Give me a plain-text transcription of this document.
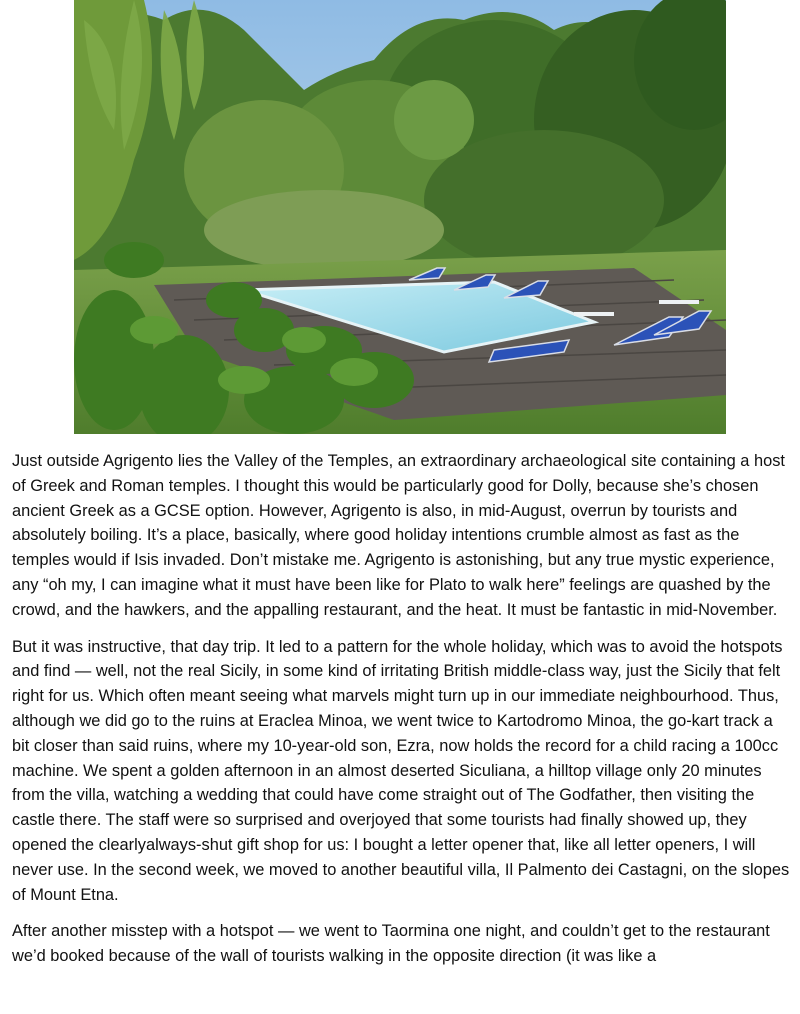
Just outside Agrigento lies the Valley of the Temples, an extraordinary archaeological site containing a host of Greek and Roman temples. I thought this would be particularly good for Dolly, because she’s chosen ancient Greek as a GCSE option. However, Agrigento is also, in mid-August, overrun by tourists and absolutely boiling. It’s a place, basically, where good holiday intentions crumble almost as fast as the temples would if Isis invaded. Don’t mistake me. Agrigento is astonishing, but any true mystic experience, any “oh my, I can imagine what it must have been like for Plato to walk here” feelings are quashed by the crowd, and the hawkers, and the appalling restaurant, and the heat. It must be fantastic in mid-November.

But it was instructive, that day trip. It led to a pattern for the whole holiday, which was to avoid the hotspots and find — well, not the real Sicily, in some kind of irritating British middle-class way, just the Sicily that felt right for us. Which often meant seeing what marvels might turn up in our immediate neighbourhood. Thus, although we did go to the ruins at Eraclea Minoa, we went twice to Kartodromo Minoa, the go-kart track a bit closer than said ruins, where my 10-year-old son, Ezra, now holds the record for a child racing a 100cc machine. We spent a golden afternoon in an almost deserted Siculiana, a hilltop village only 20 minutes from the villa, watching a wedding that could have come straight out of The Godfather, then visiting the castle there. The staff were so surprised and overjoyed that some tourists had finally showed up, they opened the clearlyalways-shut gift shop for us: I bought a letter opener that, like all letter openers, I will never use. In the second week, we moved to another beautiful villa, Il Palmento dei Castagni, on the slopes of Mount Etna.

After another misstep with a hotspot — we went to Taormina one night, and couldn’t get to the restaurant we’d booked because of the wall of tourists walking in the opposite direction (it was like a
